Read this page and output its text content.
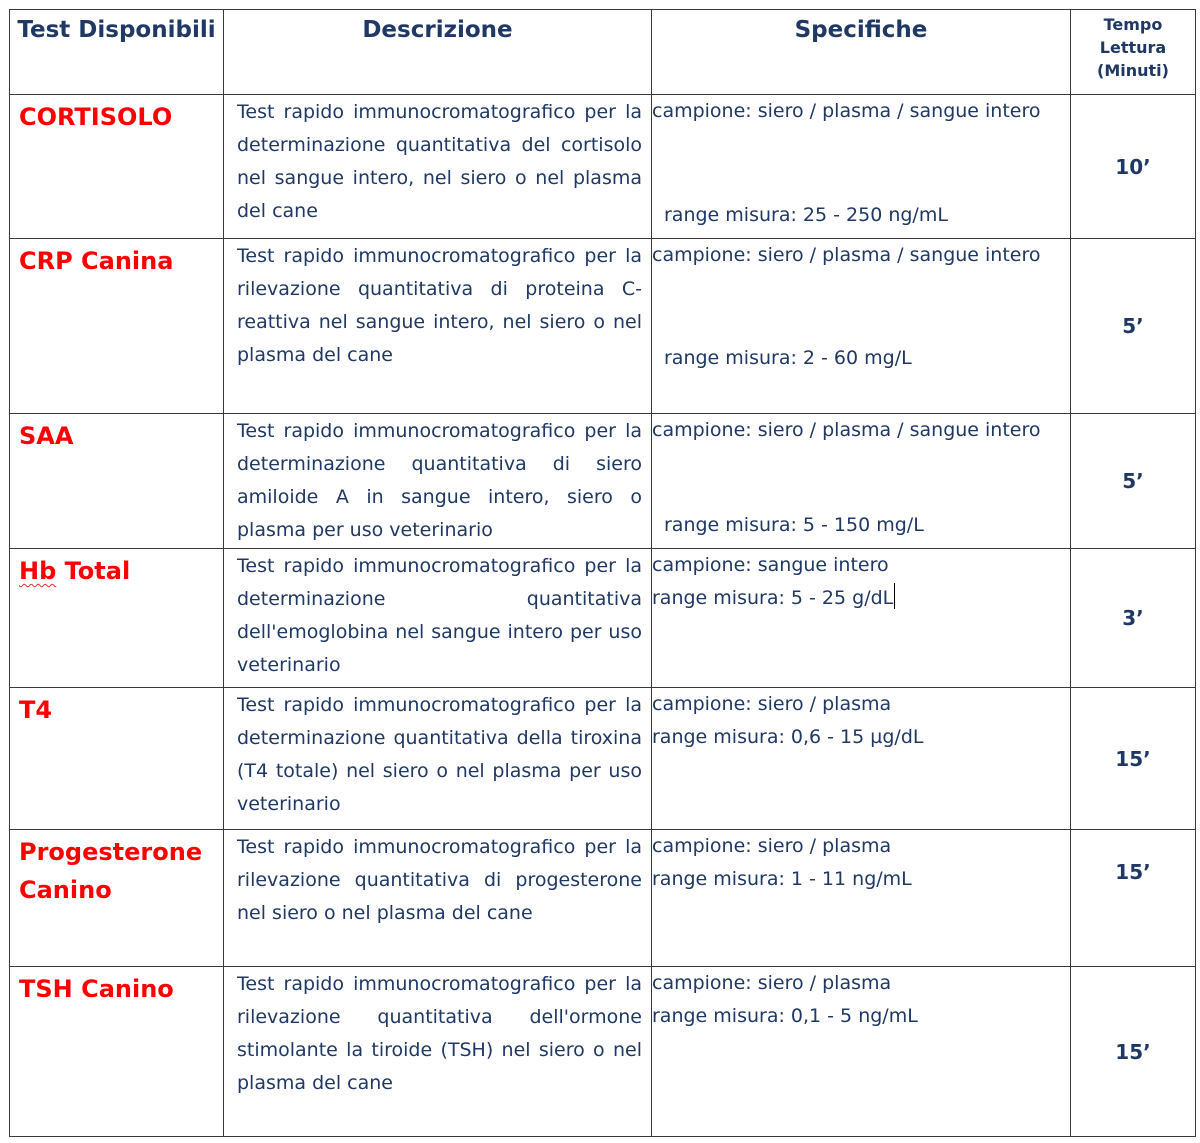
Test Disponibili	Descrizione	Specifiche	Tempo Lettura (Minuti)

CORTISOLO	Test rapido immunocromatografico per la determinazione quantitativa del cortisolo nel sangue intero, nel siero o nel plasma del cane	campione: siero / plasma / sangue intero
range misura: 25 - 250 ng/mL	10’

CRP Canina	Test rapido immunocromatografico per la rilevazione quantitativa di proteina C-reattiva nel sangue intero, nel siero o nel plasma del cane	campione: siero / plasma / sangue intero
range misura: 2 - 60 mg/L	5’

SAA	Test rapido immunocromatografico per la determinazione quantitativa di siero amiloide A in sangue intero, siero o plasma per uso veterinario	campione: siero / plasma / sangue intero
range misura: 5 - 150 mg/L	5’

Hb Total	Test rapido immunocromatografico per la determinazione quantitativa dell'emoglobina nel sangue intero per uso veterinario	campione: sangue intero
range misura: 5 - 25 g/dL	3’

T4	Test rapido immunocromatografico per la determinazione quantitativa della tiroxina (T4 totale) nel siero o nel plasma per uso veterinario	campione: siero / plasma
range misura: 0,6 - 15 µg/dL	15’

Progesterone Canino	Test rapido immunocromatografico per la rilevazione quantitativa di progesterone nel siero o nel plasma del cane	campione: siero / plasma
range misura: 1 - 11 ng/mL	15’

TSH Canino	Test rapido immunocromatografico per la rilevazione quantitativa dell'ormone stimolante la tiroide (TSH) nel siero o nel plasma del cane	campione: siero / plasma
range misura: 0,1 - 5 ng/mL	15’
